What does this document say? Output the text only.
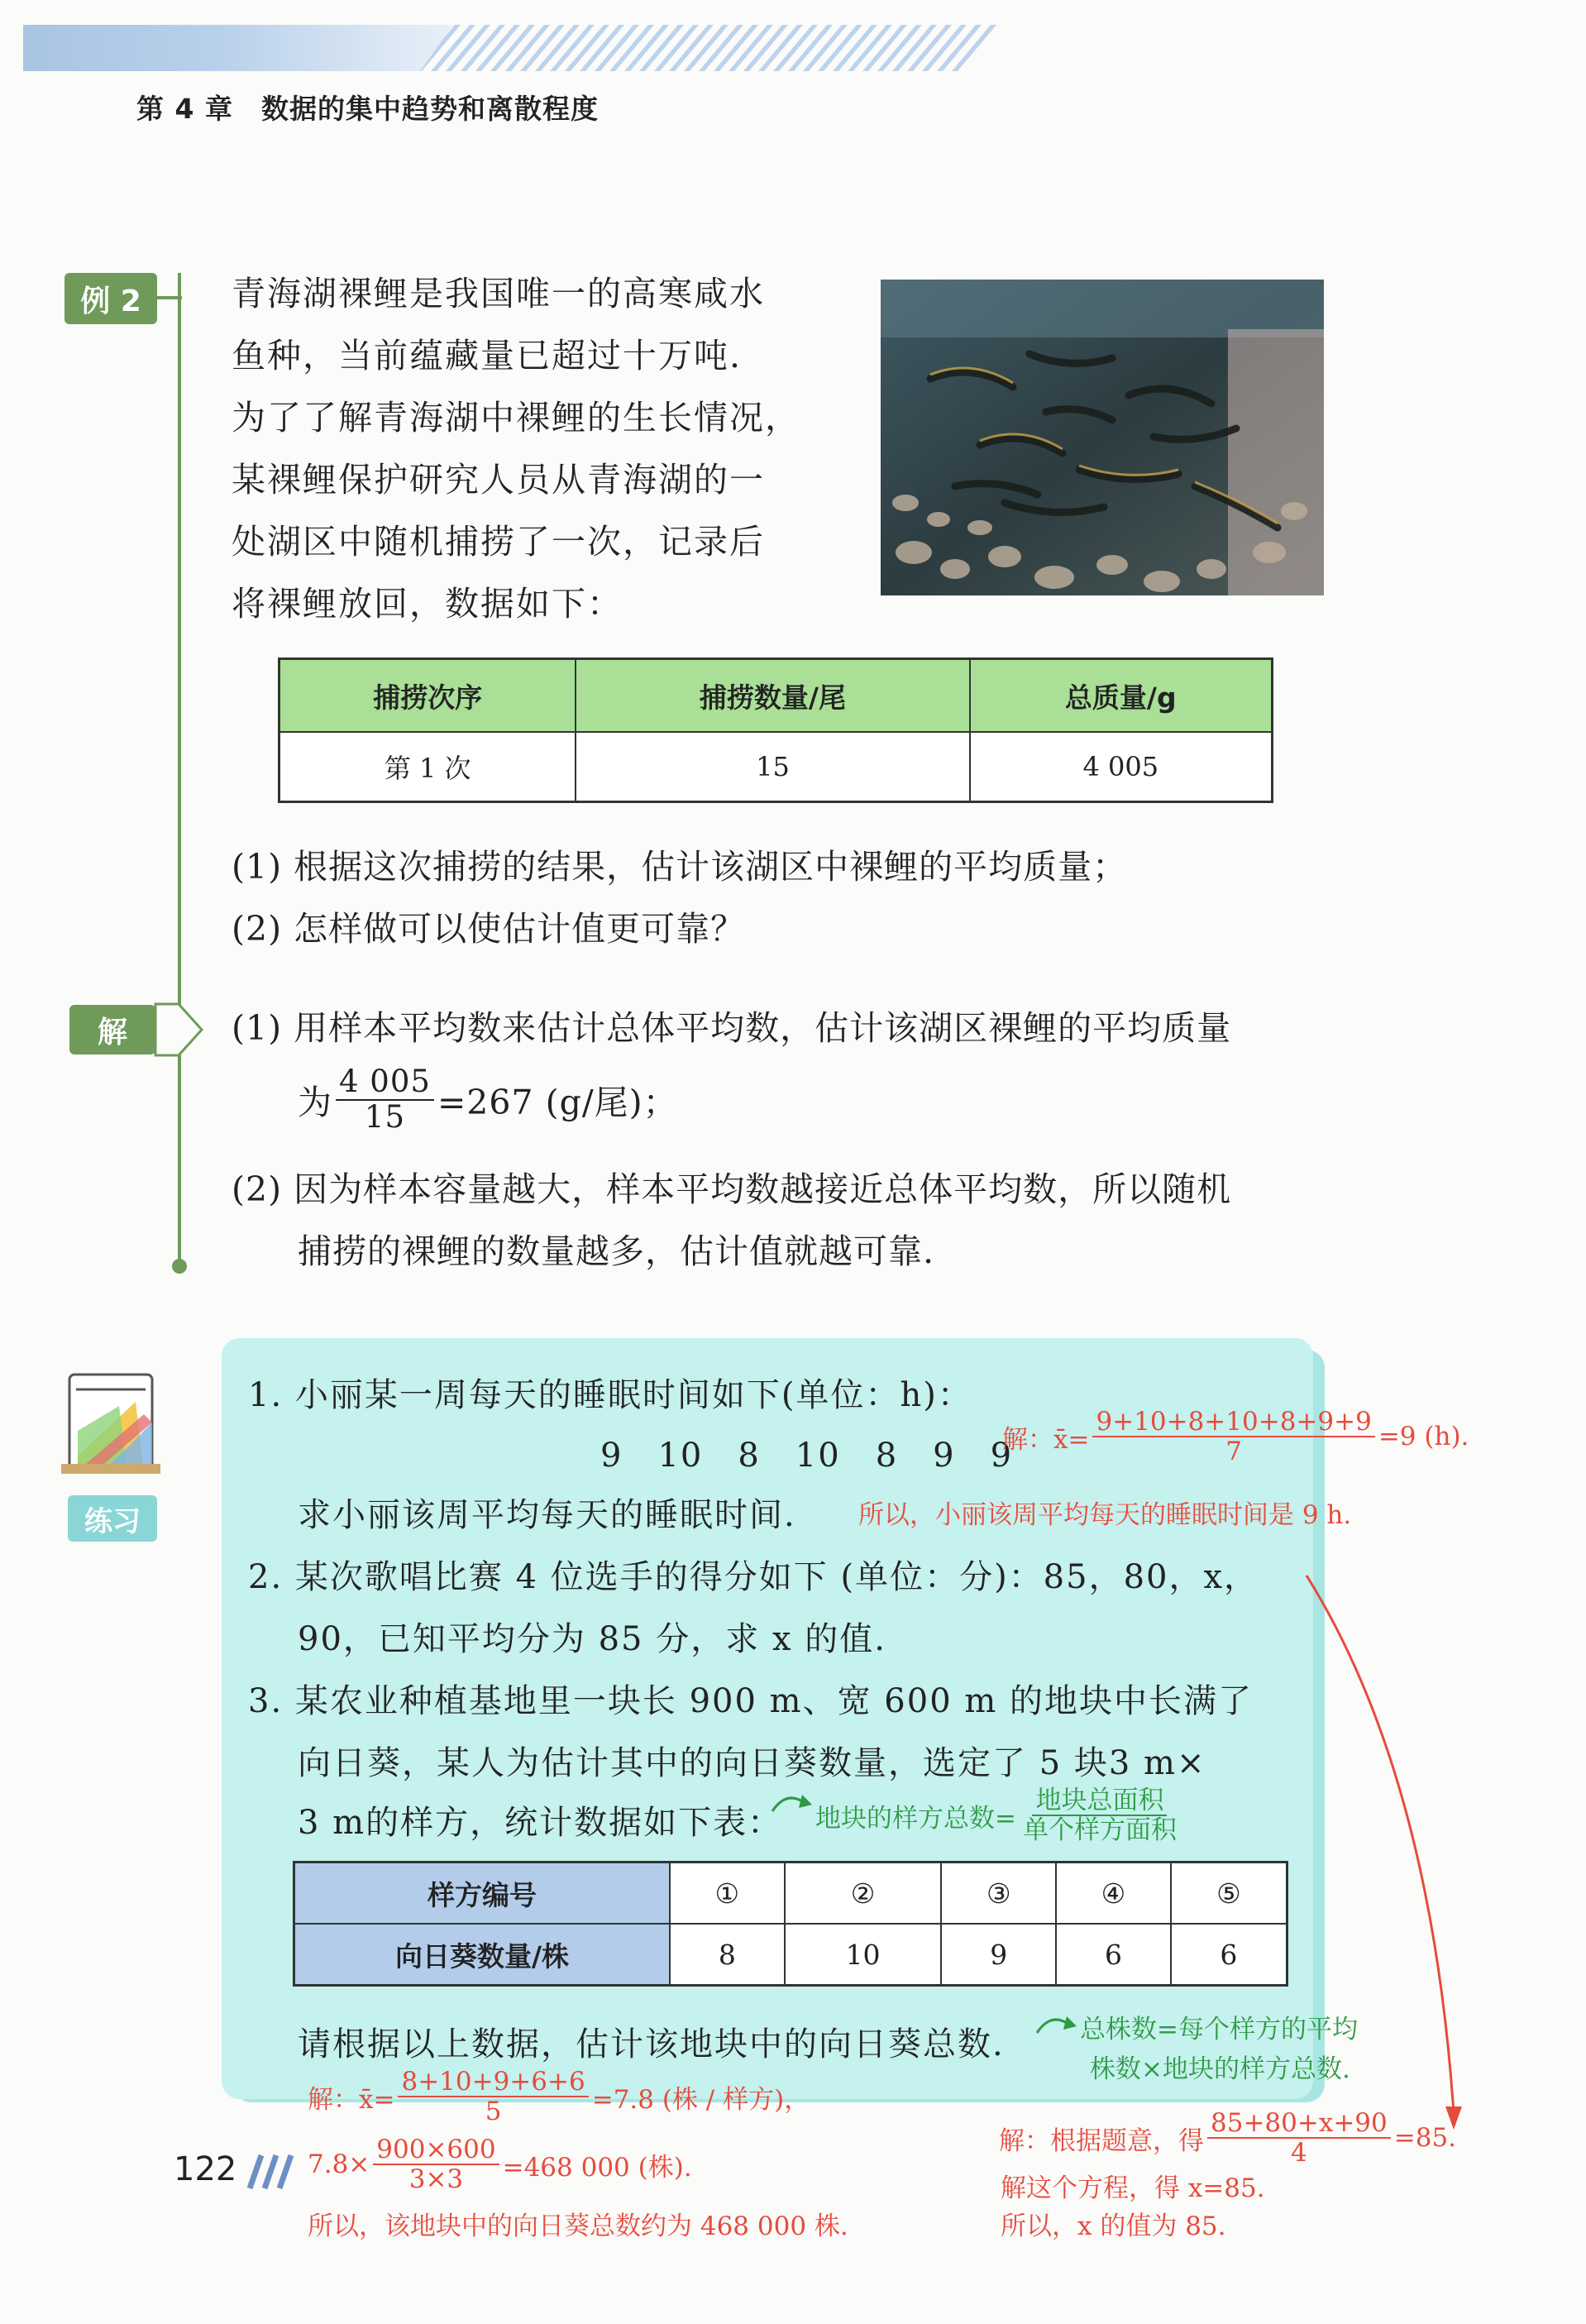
第 4 章　数据的集中趋势和离散程度
例 2	青海湖裸鲤是我国唯一的高寒咸水
鱼种，当前蕴藏量已超过十万吨.
为了了解青海湖中裸鲤的生长情况，
某裸鲤保护研究人员从青海湖的一
处湖区中随机捕捞了一次，记录后
将裸鲤放回，数据如下：
捕捞次序	捕捞数量/尾	总质量/g
第 1 次	15	4 005
(1) 根据这次捕捞的结果，估计该湖区中裸鲤的平均质量；
(2) 怎样做可以使估计值更可靠？
解	(1) 用样本平均数来估计总体平均数，估计该湖区裸鲤的平均质量
为 $\frac{4 005}{15} =267$ (g/尾)；
(2) 因为样本容量越大，样本平均数越接近总体平均数，所以随机
捕捞的裸鲤的数量越多，估计值就越可靠.
练习
1. 小丽某一周每天的睡眠时间如下(单位：h)：
9　10　8　10　8　9　9
解：x̄= $\frac{9+10+8+10+8+9+9}{7} =9$ (h).
求小丽该周平均每天的睡眠时间. 所以，小丽该周平均每天的睡眠时间是 9 h.
2. 某次歌唱比赛 4 位选手的得分如下 (单位：分)：85，80，x，
90，已知平均分为 85 分，求 x 的值.
3. 某农业种植基地里一块长 900 m、宽 600 m 的地块中长满了
向日葵，某人为估计其中的向日葵数量，选定了 5 块3 m×
3 m的样方，统计数据如下表： 地块的样方总数= $\frac{\text{地块总面积}}{\text{单个样方面积}}$
样方编号	①	②	③	④	⑤
向日葵数量/株	8	10	9	6	6
请根据以上数据，估计该地块中的向日葵总数.	总株数=每个样方的平均
株数×地块的样方总数.
解：x̄= $\frac{8+10+9+6+6}{5} =7.8$ (株 / 样方)，
$7.8\times \frac{900\times 600}{3\times 3} =468$ 000 (株).
所以，该地块中的向日葵总数约为 468 000 株.
解：根据题意，得 $\frac{85+80+x+90}{4} =85$.
解这个方程，得 x=85.
所以，x 的值为 85.
122
